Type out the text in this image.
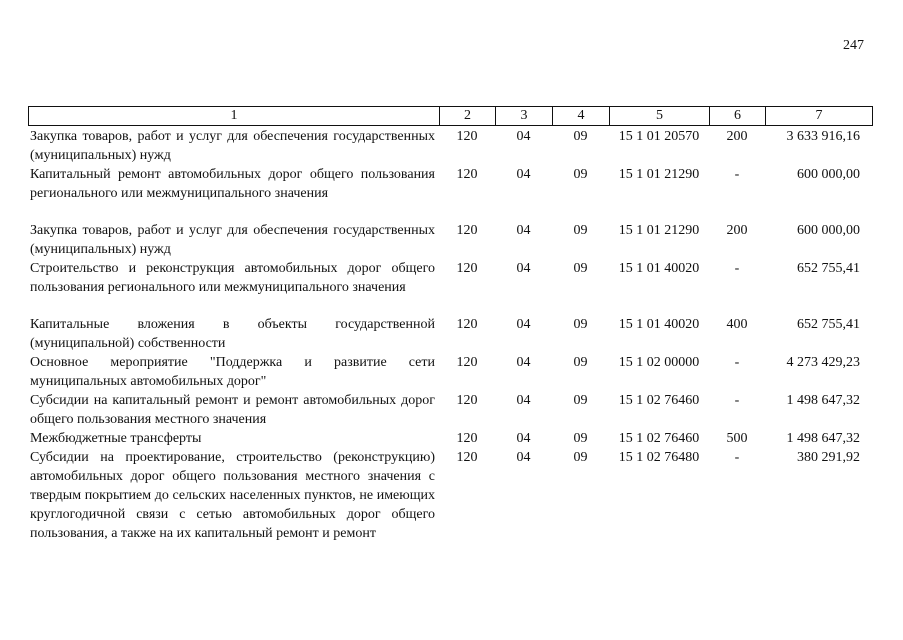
247
1	2	3	4	5	6	7
Закупка товаров, работ и услуг для обеспечения государственных (муниципальных) нужд	120	04	09	15 1 01 20570	200	3 633 916,16
Капитальный ремонт автомобильных дорог общего пользования регионального или межмуниципального значения	120	04	09	15 1 01 21290	-	600 000,00

Закупка товаров, работ и услуг для обеспечения государственных (муниципальных) нужд	120	04	09	15 1 01 21290	200	600 000,00
Строительство и реконструкция автомобильных дорог общего пользования регионального или межмуниципального значения	120	04	09	15 1 01 40020	-	652 755,41

Капитальные вложения в объекты государственной (муниципальной) собственности	120	04	09	15 1 01 40020	400	652 755,41
Основное мероприятие "Поддержка и развитие сети муниципальных автомобильных дорог"	120	04	09	15 1 02 00000	-	4 273 429,23
Субсидии на капитальный ремонт и ремонт автомобильных дорог общего пользования местного значения	120	04	09	15 1 02 76460	-	1 498 647,32
Межбюджетные трансферты	120	04	09	15 1 02 76460	500	1 498 647,32
Субсидии на проектирование, строительство (реконструкцию) автомобильных дорог общего пользования местного значения с твердым покрытием до сельских населенных пунктов, не имеющих круглогодичной связи с сетью автомобильных дорог общего пользования, а также на их капитальный ремонт и ремонт	120	04	09	15 1 02 76480	-	380 291,92
